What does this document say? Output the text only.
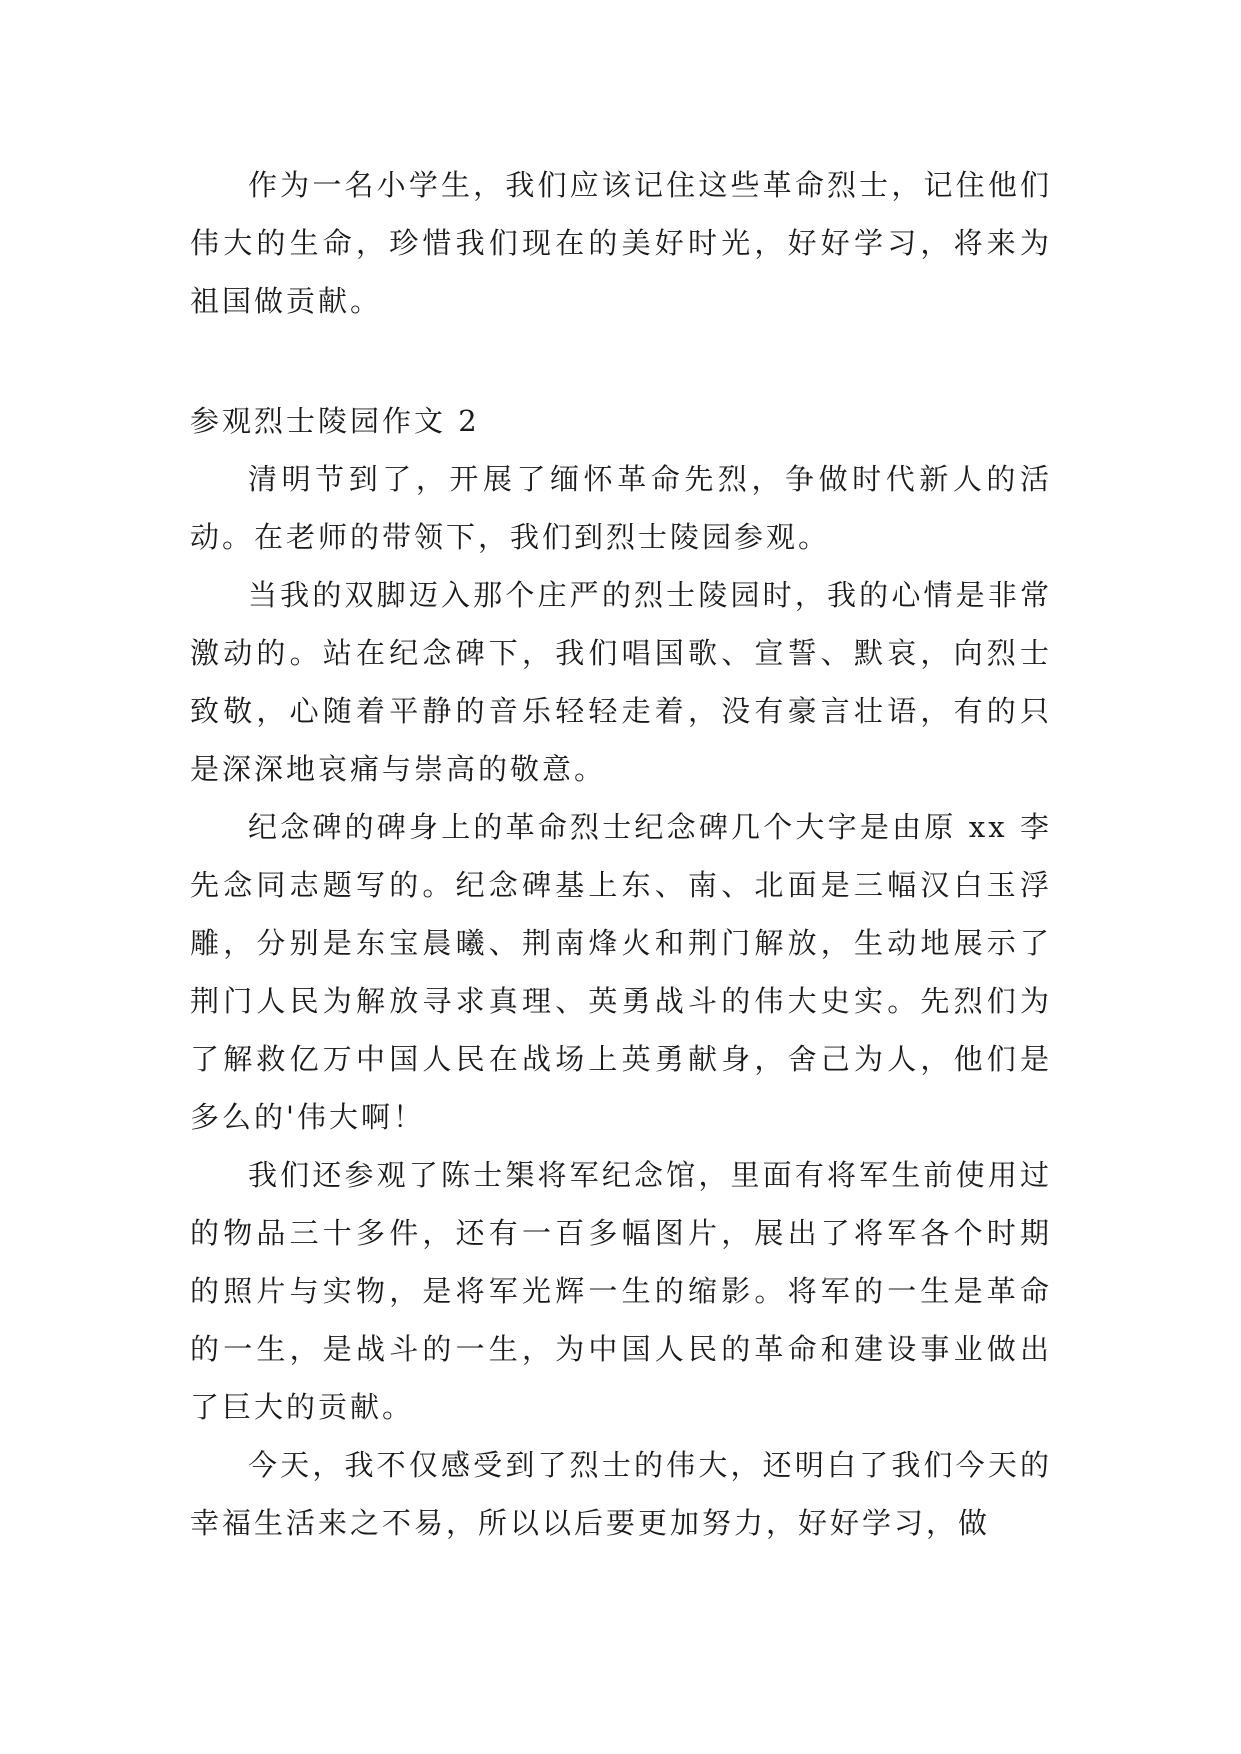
作为一名小学生，我们应该记住这些革命烈士，记住他们伟大的生命，珍惜我们现在的美好时光，好好学习，将来为祖国做贡献。

参观烈士陵园作文 2

清明节到了，开展了缅怀革命先烈，争做时代新人的活动。在老师的带领下，我们到烈士陵园参观。

当我的双脚迈入那个庄严的烈士陵园时，我的心情是非常激动的。站在纪念碑下，我们唱国歌、宣誓、默哀，向烈士致敬，心随着平静的音乐轻轻走着，没有豪言壮语，有的只是深深地哀痛与崇高的敬意。

纪念碑的碑身上的革命烈士纪念碑几个大字是由原 xx 李先念同志题写的。纪念碑基上东、南、北面是三幅汉白玉浮雕，分别是东宝晨曦、荆南烽火和荆门解放，生动地展示了荆门人民为解放寻求真理、英勇战斗的伟大史实。先烈们为了解救亿万中国人民在战场上英勇献身，舍己为人，他们是多么的'伟大啊！

我们还参观了陈士榘将军纪念馆，里面有将军生前使用过的物品三十多件，还有一百多幅图片，展出了将军各个时期的照片与实物，是将军光辉一生的缩影。将军的一生是革命的一生，是战斗的一生，为中国人民的革命和建设事业做出了巨大的贡献。

今天，我不仅感受到了烈士的伟大，还明白了我们今天的幸福生活来之不易，所以以后要更加努力，好好学习，做
